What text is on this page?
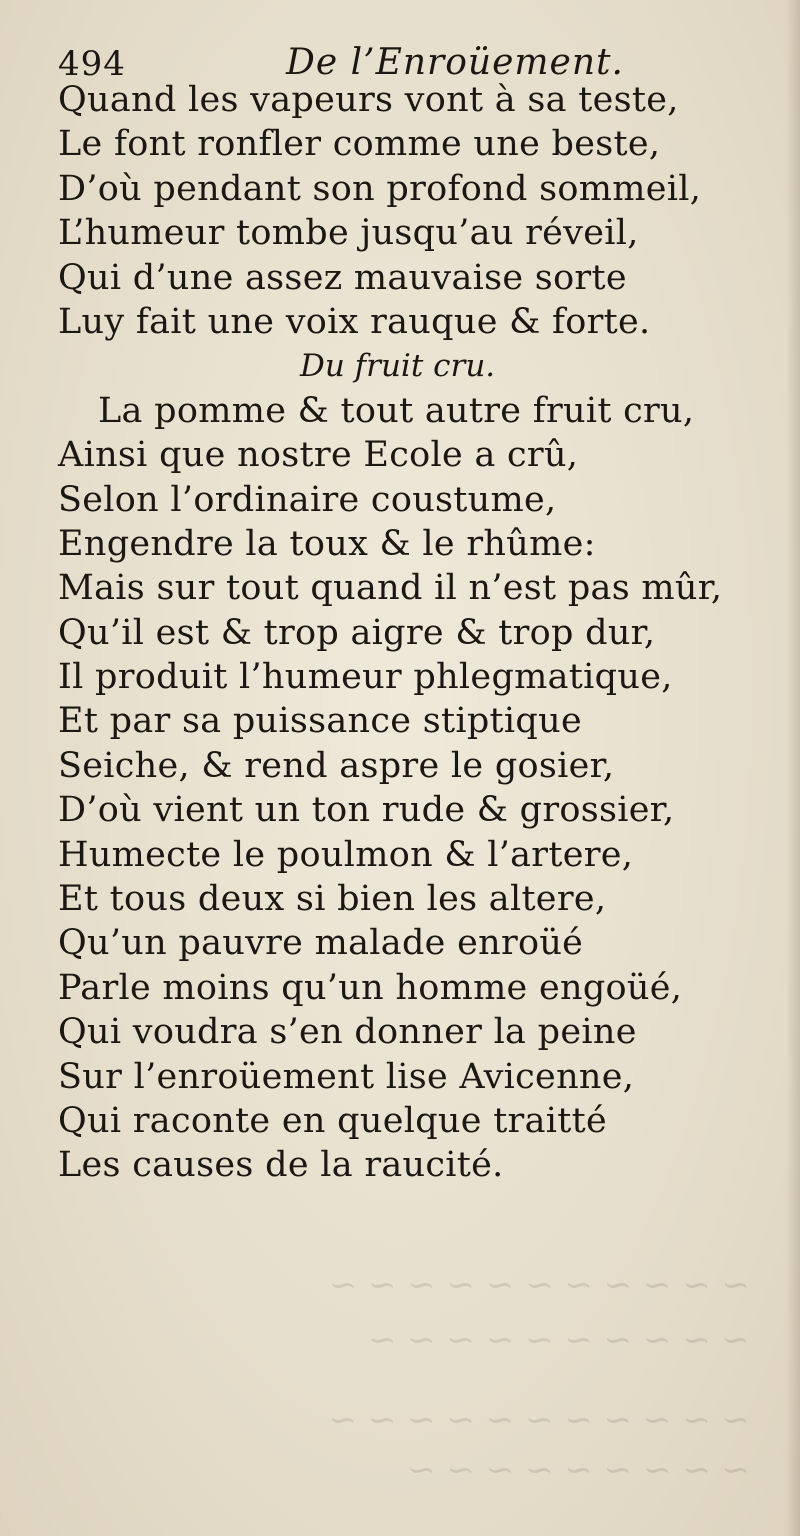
~ ~ ~ ~ ~ ~ ~ ~ ~ ~ ~
~ ~ ~ ~ ~ ~ ~ ~ ~ ~
~ ~ ~ ~ ~ ~ ~ ~ ~ ~ ~
~ ~ ~ ~ ~ ~ ~ ~ ~
494	De l’Enroüement.
Quand les vapeurs vont à sa teste,
Le font ronfler comme une beste,
D’où pendant son profond sommeil,
L’humeur tombe jusqu’au réveil,
Qui d’une assez mauvaise sorte
Luy fait une voix rauque & forte.
Du fruit cru.
La pomme & tout autre fruit cru,
Ainsi que nostre Ecole a crû,
Selon l’ordinaire coustume,
Engendre la toux & le rhûme:
Mais sur tout quand il n’est pas mûr,
Qu’il est & trop aigre & trop dur,
Il produit l’humeur phlegmatique,
Et par sa puissance stiptique
Seiche, & rend aspre le gosier,
D’où vient un ton rude & grossier,
Humecte le poulmon & l’artere,
Et tous deux si bien les altere,
Qu’un pauvre malade enroüé
Parle moins qu’un homme engoüé,
Qui voudra s’en donner la peine
Sur l’enroüement lise Avicenne,
Qui raconte en quelque traitté
Les causes de la raucité.
